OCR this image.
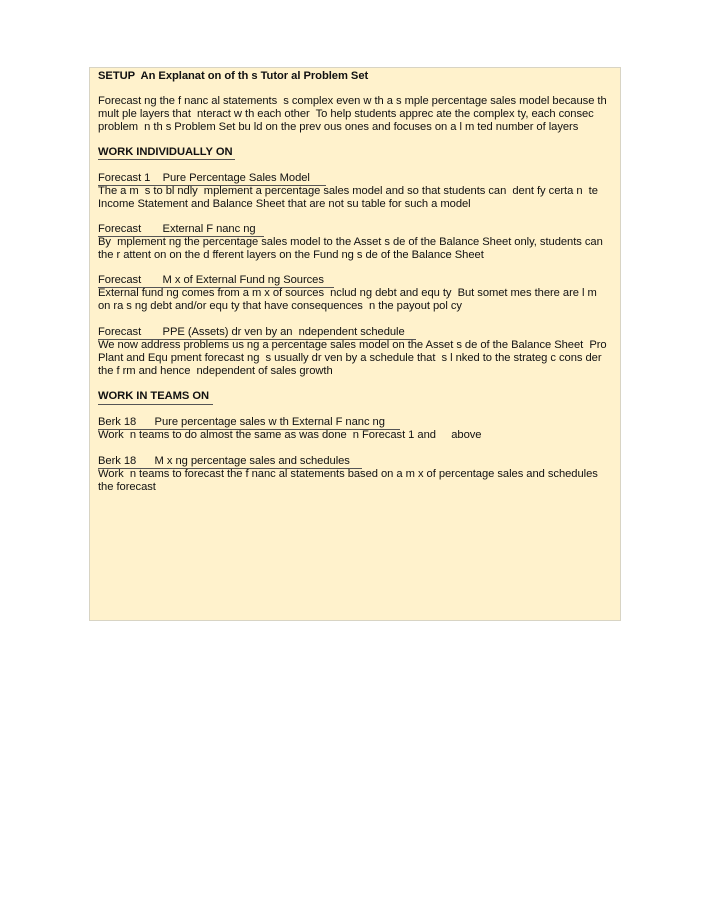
SETUP  An Explanat on of th s Tutor al Problem Set
Forecast ng the f nanc al statements  s complex even w th a s mple percentage sales model because th
mult ple layers that  nteract w th each other  To help students apprec ate the complex ty, each consec
problem  n th s Problem Set bu ld on the prev ous ones and focuses on a l m ted number of layers
WORK INDIVIDUALLY ON
Forecast 1    Pure Percentage Sales Model
The a m  s to bl ndly  mplement a percentage sales model and so that students can  dent fy certa n  te
Income Statement and Balance Sheet that are not su table for such a model
Forecast       External F nanc ng
By  mplement ng the percentage sales model to the Asset s de of the Balance Sheet only, students can
the r attent on on the d fferent layers on the Fund ng s de of the Balance Sheet
Forecast       M x of External Fund ng Sources
External fund ng comes from a m x of sources  nclud ng debt and equ ty  But somet mes there are l m
on ra s ng debt and/or equ ty that have consequences  n the payout pol cy
Forecast       PPE (Assets) dr ven by an  ndependent schedule
We now address problems us ng a percentage sales model on the Asset s de of the Balance Sheet  Pro
Plant and Equ pment forecast ng  s usually dr ven by a schedule that  s l nked to the strateg c cons der
the f rm and hence  ndependent of sales growth
WORK IN TEAMS ON
Berk 18      Pure percentage sales w th External F nanc ng
Work  n teams to do almost the same as was done  n Forecast 1 and     above
Berk 18      M x ng percentage sales and schedules
Work  n teams to forecast the f nanc al statements based on a m x of percentage sales and schedules
the forecast
